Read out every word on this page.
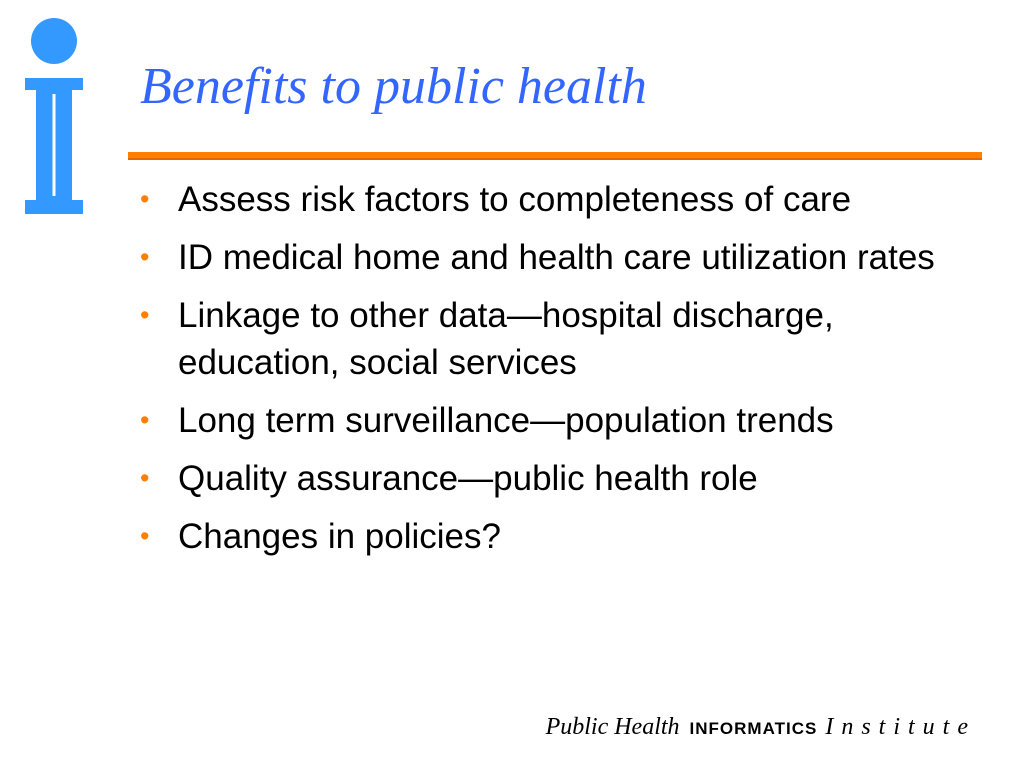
Benefits to public health
• Assess risk factors to completeness of care
• ID medical home and health care utilization rates
• Linkage to other data—hospital discharge, education, social services
• Long term surveillance—population trends
• Quality assurance—public health role
• Changes in policies?
Public Health INFORMATICS Institute
